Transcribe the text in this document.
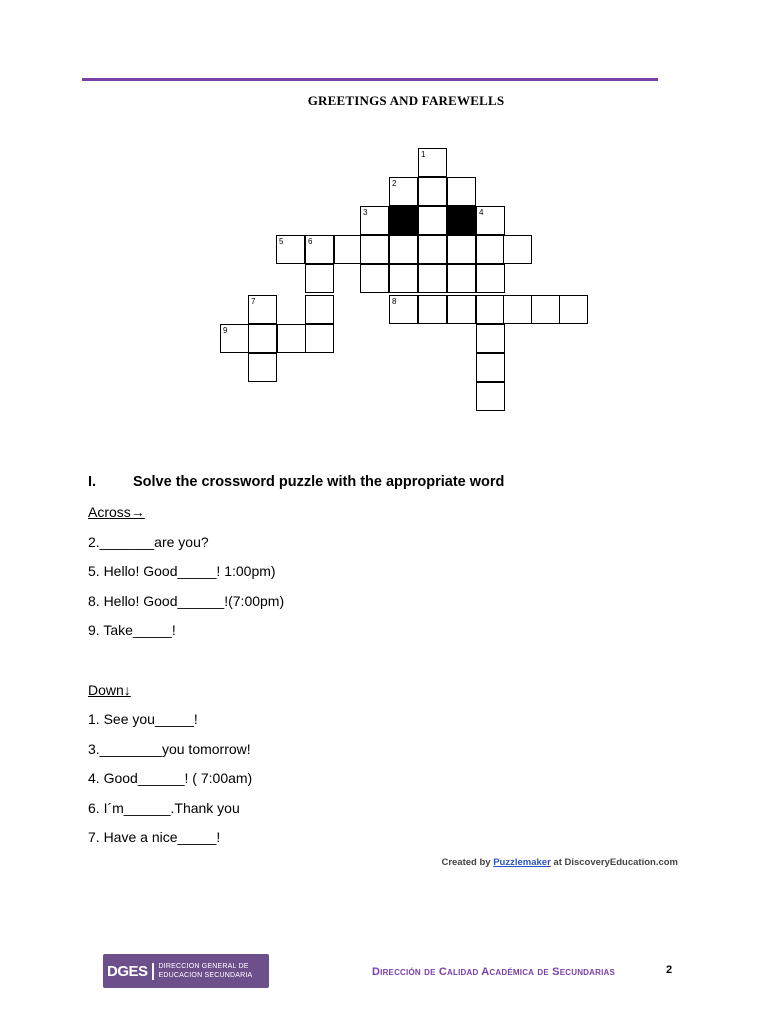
GREETINGS AND FAREWELLS
1
2
3	4
5	6
7	8
9
I.	Solve the crossword puzzle with the appropriate word
Across→
2._______are you?
5. Hello! Good_____! 1:00pm)
8. Hello! Good______!(7:00pm)
9. Take_____!
Down↓
1. See you_____!
3.________you tomorrow!
4. Good______! ( 7:00am)
6. I´m______.Thank you
7. Have a nice_____!
Created by Puzzlemaker at DiscoveryEducation.com
DGES	DIRECCION GENERAL DE
EDUCACION SECUNDARIA	Dirección de Calidad Académica de Secundarias	2
